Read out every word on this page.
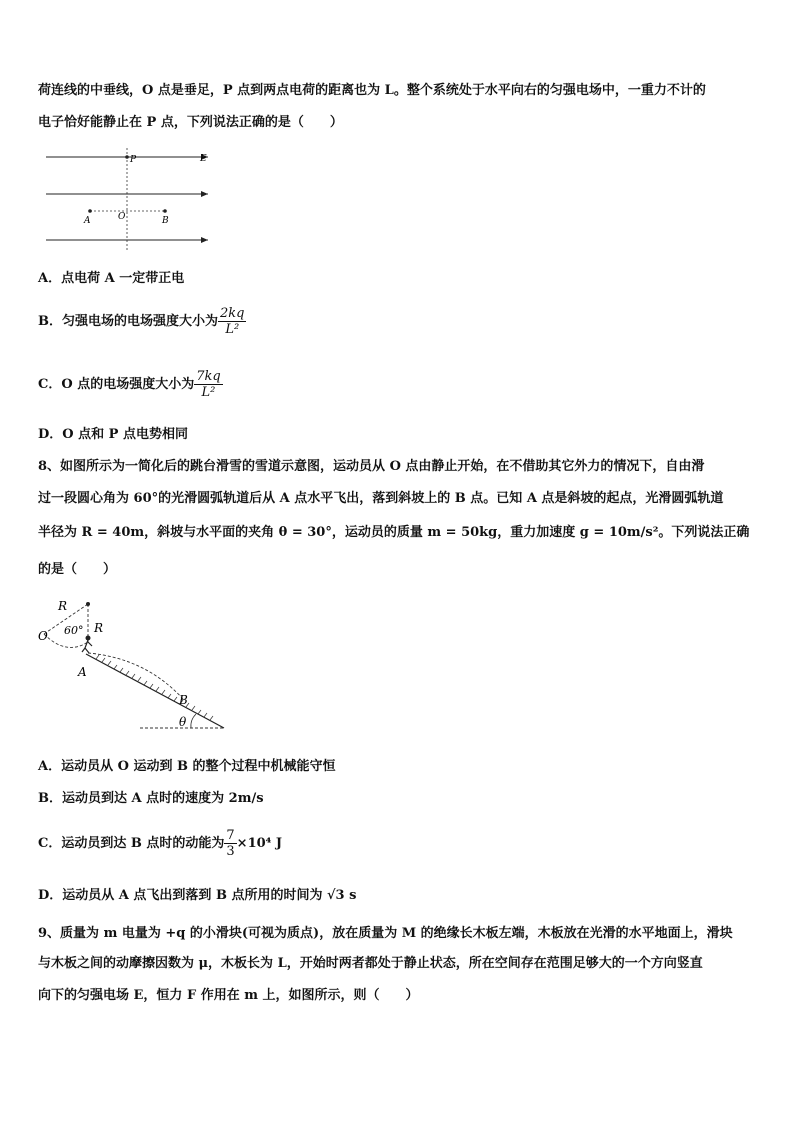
荷连线的中垂线，O 点是垂足，P 点到两点电荷的距离也为 L。整个系统处于水平向右的匀强电场中，一重力不计的
电子恰好能静止在 P 点，下列说法正确的是（　　）
P	E
A	O	B
A．点电荷 A 一定带正电
B．匀强电场的电场强度大小为 $\frac{2kq}{\text{L²}}$
C．O 点的电场强度大小为 $\frac{7kq}{\text{L²}}$
D．O 点和 P 点电势相同
8、如图所示为一简化后的跳台滑雪的雪道示意图，运动员从 O 点由静止开始，在不借助其它外力的情况下，自由滑
过一段圆心角为 60°的光滑圆弧轨道后从 A 点水平飞出，落到斜坡上的 B 点。已知 A 点是斜坡的起点，光滑圆弧轨道
半径为 R = 40m，斜坡与水平面的夹角 θ = 30°，运动员的质量 m = 50kg，重力加速度 g = 10m/s²。下列说法正确
的是（　　）
R
R
60°
O
A
B
θ
A．运动员从 O 运动到 B 的整个过程中机械能守恒
B．运动员到达 A 点时的速度为 2m/s
C．运动员到达 B 点时的动能为 $\frac{7}{3} \times 10^4$ J
D．运动员从 A 点飞出到落到 B 点所用的时间为 √3 s
9、质量为 m 电量为 +q 的小滑块(可视为质点)，放在质量为 M 的绝缘长木板左端，木板放在光滑的水平地面上，滑块
与木板之间的动摩擦因数为 μ，木板长为 L，开始时两者都处于静止状态，所在空间存在范围足够大的一个方向竖直
向下的匀强电场 E，恒力 F 作用在 m 上，如图所示，则（　　）
